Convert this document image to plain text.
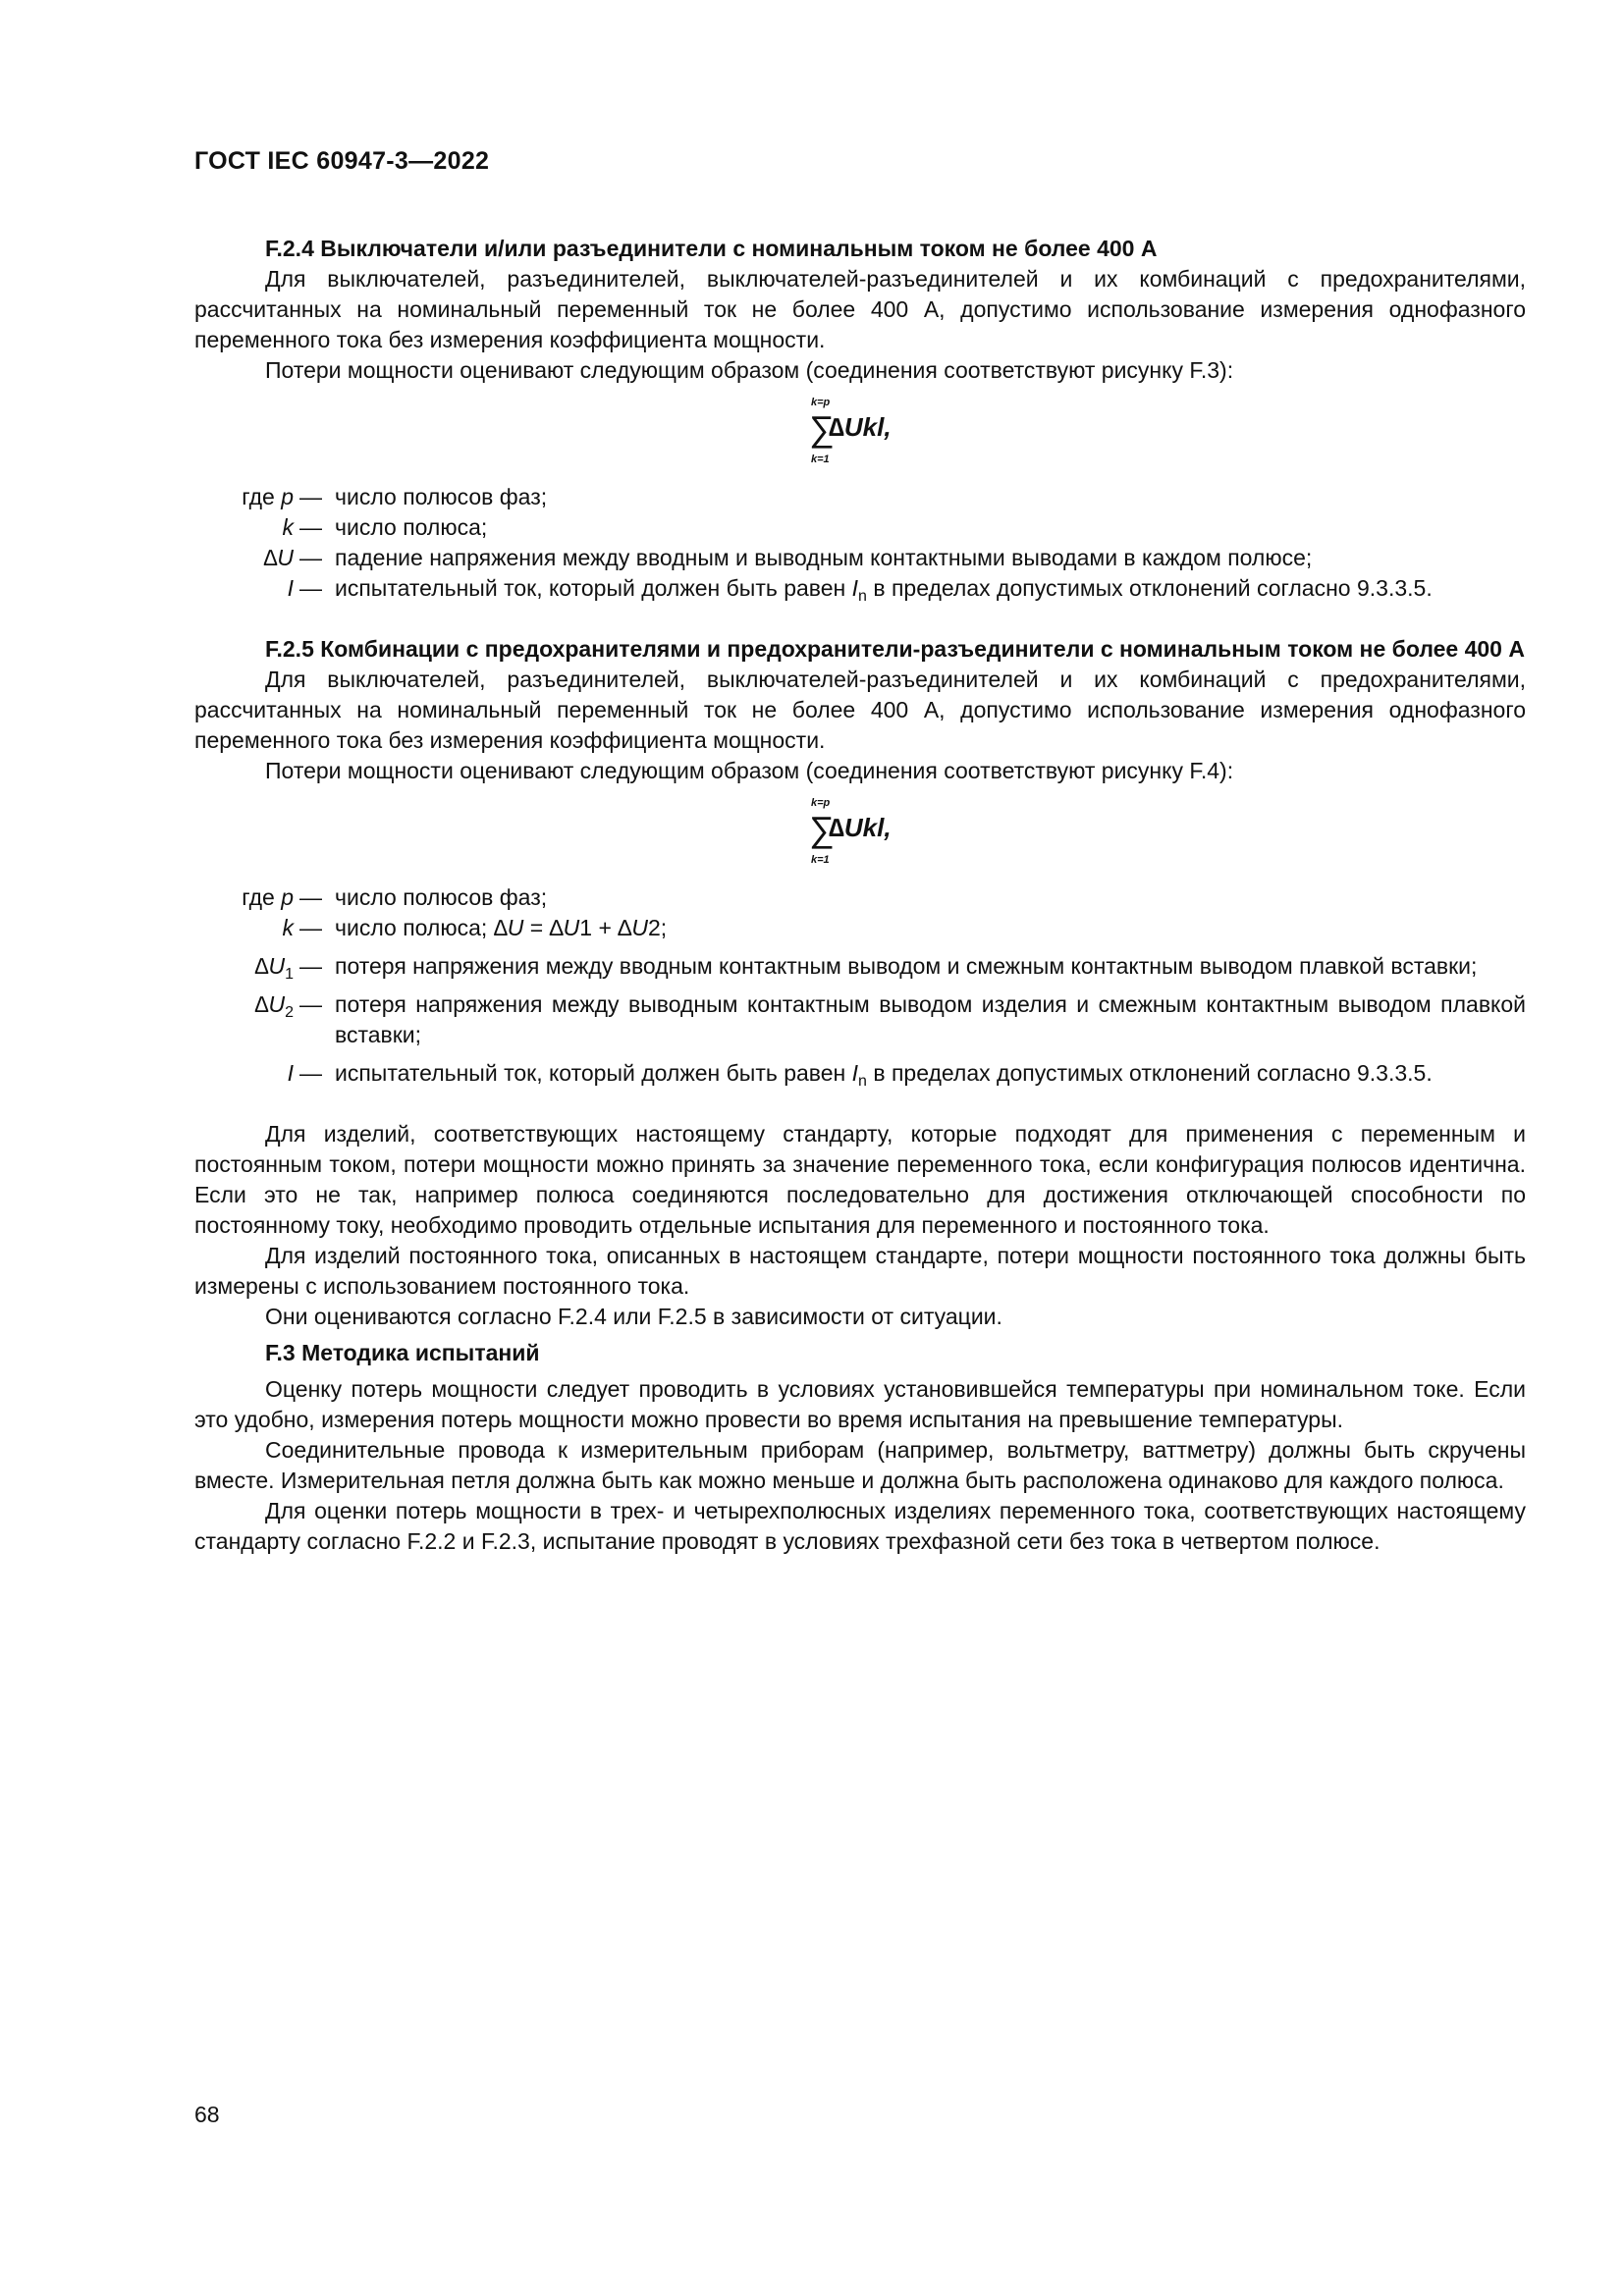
ГОСТ IEC 60947-3—2022
F.2.4 Выключатели и/или разъединители с номинальным током не более 400 A

Для выключателей, разъединителей, выключателей-разъединителей и их комбинаций с предохранителями, рассчитанных на номинальный переменный ток не более 400 A, допустимо использование измерения однофазного переменного тока без измерения коэффициента мощности.

Потери мощности оценивают следующим образом (соединения соответствуют рисунку F.3):

k=p
∑
∆Ukl,
k=1
где p — число полюсов фаз;
k — число полюса;
∆U — падение напряжения между вводным и выводным контактными выводами в каждом полюсе;
I — испытательный ток, который должен быть равен $I_n$ в пределах допустимых отклонений согласно 9.3.3.5.
F.2.5 Комбинации с предохранителями и предохранители-разъединители с номинальным током не более 400 A

Для выключателей, разъединителей, выключателей-разъединителей и их комбинаций с предохранителями, рассчитанных на номинальный переменный ток не более 400 A, допустимо использование измерения однофазного переменного тока без измерения коэффициента мощности.

Потери мощности оценивают следующим образом (соединения соответствуют рисунку F.4):

k=p
∑
∆Ukl,
k=1
где p — число полюсов фаз;
k — число полюса; ∆U = ∆U1 + ∆U2;
$\Delta U_1$ — потеря напряжения между вводным контактным выводом и смежным контактным выводом плавкой вставки;
$\Delta U_2$ — потеря напряжения между выводным контактным выводом изделия и смежным контактным выводом плавкой вставки;
I — испытательный ток, который должен быть равен $I_n$ в пределах допустимых отклонений согласно 9.3.3.5.

Для изделий, соответствующих настоящему стандарту, которые подходят для применения с переменным и постоянным током, потери мощности можно принять за значение переменного тока, если конфигурация полюсов идентична. Если это не так, например полюса соединяются последовательно для достижения отключающей способности по постоянному току, необходимо проводить отдельные испытания для переменного и постоянного тока.

Для изделий постоянного тока, описанных в настоящем стандарте, потери мощности постоянного тока должны быть измерены с использованием постоянного тока.

Они оцениваются согласно F.2.4 или F.2.5 в зависимости от ситуации.

F.3 Методика испытаний

Оценку потерь мощности следует проводить в условиях установившейся температуры при номинальном токе. Если это удобно, измерения потерь мощности можно провести во время испытания на превышение температуры.

Соединительные провода к измерительным приборам (например, вольтметру, ваттметру) должны быть скручены вместе. Измерительная петля должна быть как можно меньше и должна быть расположена одинаково для каждого полюса.

Для оценки потерь мощности в трех- и четырехполюсных изделиях переменного тока, соответствующих настоящему стандарту согласно F.2.2 и F.2.3, испытание проводят в условиях трехфазной сети без тока в четвертом полюсе.

68
